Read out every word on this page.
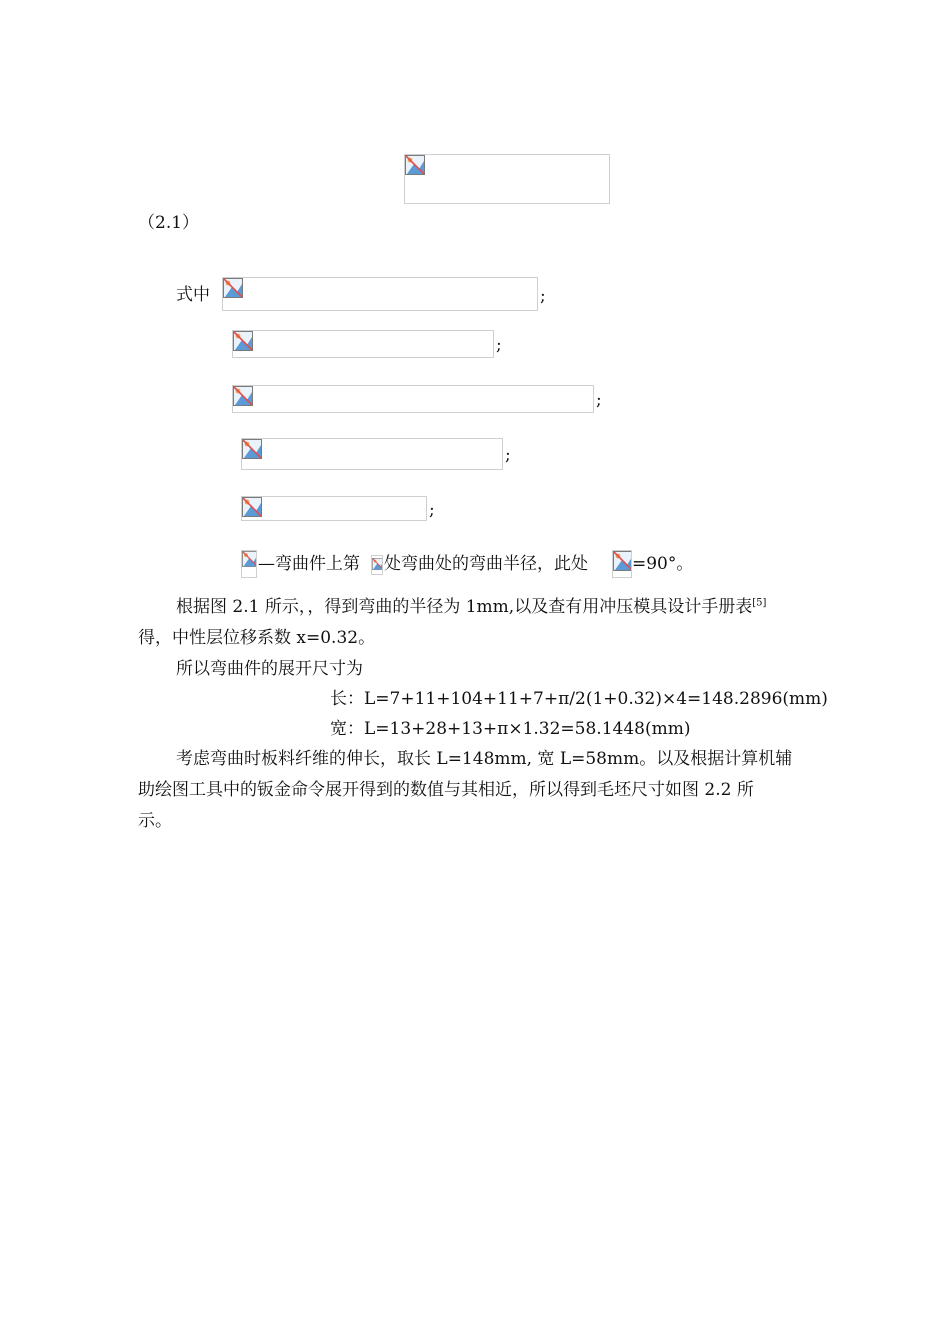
（2.1）
式中	;
;
;
;
;
—弯曲件上第 处弯曲处的弯曲半径，此处	=90°。
根据图 2.1 所示，，得到弯曲的半径为 1mm,以及查有用冲压模具设计手册表[5]
得，中性层位移系数 x=0.32。
所以弯曲件的展开尺寸为
长：L=7+11+104+11+7+π/2(1+0.32)×4=148.2896(mm)
宽：L=13+28+13+π×1.32=58.1448(mm)
考虑弯曲时板料纤维的伸长，取长 L=148mm, 宽 L=58mm。以及根据计算机辅
助绘图工具中的钣金命令展开得到的数值与其相近，所以得到毛坯尺寸如图 2.2 所
示。
